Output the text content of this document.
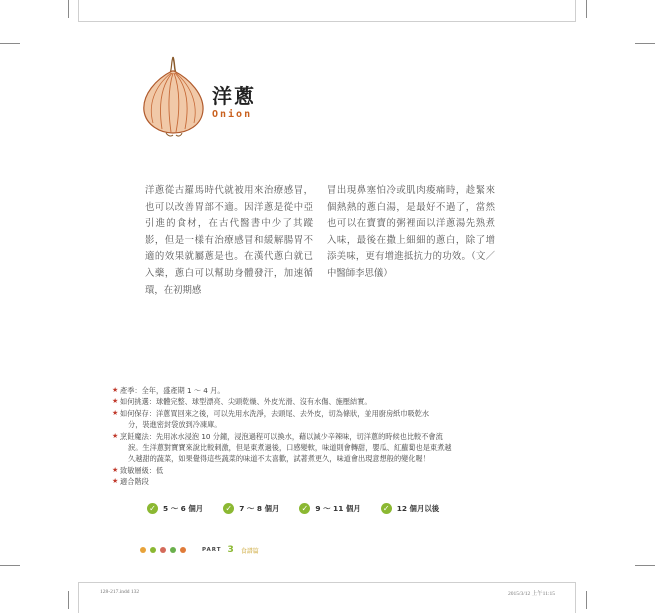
洋蔥
Onion
洋蔥從古羅馬時代就被用來治療感冒，也可以改善胃部不適。因洋蔥是從中亞引進的食材，在古代醫書中少了其蹤影，但是一樣有治療感冒和緩解腸胃不適的效果就屬蔥是也。在漢代蔥白就已入藥，蔥白可以幫助身體發汗，加速循環，在初期感
冒出現鼻塞怕冷或肌肉痠痛時，趁緊來個熱熱的蔥白湯，是最好不過了，當然也可以在寶寶的粥裡面以洋蔥湯先熟煮入味，最後在撒上細細的蔥白，除了增添美味，更有增進抵抗力的功效。（文／中醫師李思儀）
★ 產季：全年，盛產期 1 ～ 4 月。
★ 如何挑選：球體完整、球型漂亮、尖頭乾燥、外皮光滑、沒有水傷、施壓結實。
★ 如何保存：洋蔥買回來之後，可以先用水洗淨，去頭尾、去外皮，切為條狀，並用廚房紙巾吸乾水
分，裝進密封袋放到冷凍庫。
★ 烹飪魔法：先用冰水浸泡 10 分鐘，浸泡過程可以換水，藉以減少辛辣味，切洋蔥的時候也比較不會流
淚。生洋蔥對寶寶來說比較刺激，但是東煮過後，口感變軟，味道則會轉甜，嬰瓜、紅蘿蔔也是東煮越
久越甜的蔬菜，如果覺得這些蔬菜的味道不太喜歡，試著煮更久，味道會出現意想般的變化喔！
★ 致敏層級：低
★ 適合階段
✓ 5 ～ 6 個月	✓ 7 ～ 8 個月	✓ 9 ～ 11 個月	✓ 12 個月以後
PART 3 食譜篇
128-217.indd 132	2015/3/12 上午11:15
